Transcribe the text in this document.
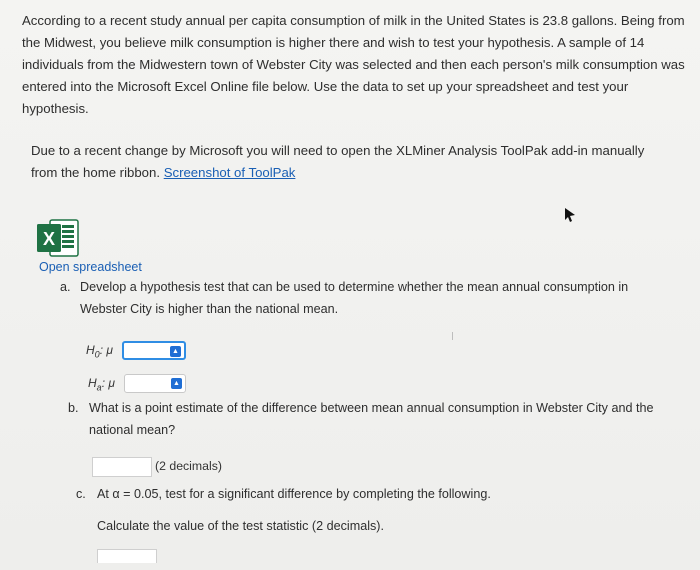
According to a recent study annual per capita consumption of milk in the United States is 23.8 gallons. Being from the Midwest, you believe milk consumption is higher there and wish to test your hypothesis. A sample of 14 individuals from the Midwestern town of Webster City was selected and then each person's milk consumption was entered into the Microsoft Excel Online file below. Use the data to set up your spreadsheet and test your hypothesis.
Due to a recent change by Microsoft you will need to open the XLMiner Analysis ToolPak add-in manually from the home ribbon. Screenshot of ToolPak
X
Open spreadsheet
a. Develop a hypothesis test that can be used to determine whether the mean annual consumption in Webster City is higher than the national mean.
$H_0$: μ	▲︎
$H_a$: μ	▲︎
b. What is a point estimate of the difference between mean annual consumption in Webster City and the national mean?
(2 decimals)
c. At α = 0.05, test for a significant difference by completing the following.
Calculate the value of the test statistic (2 decimals).
